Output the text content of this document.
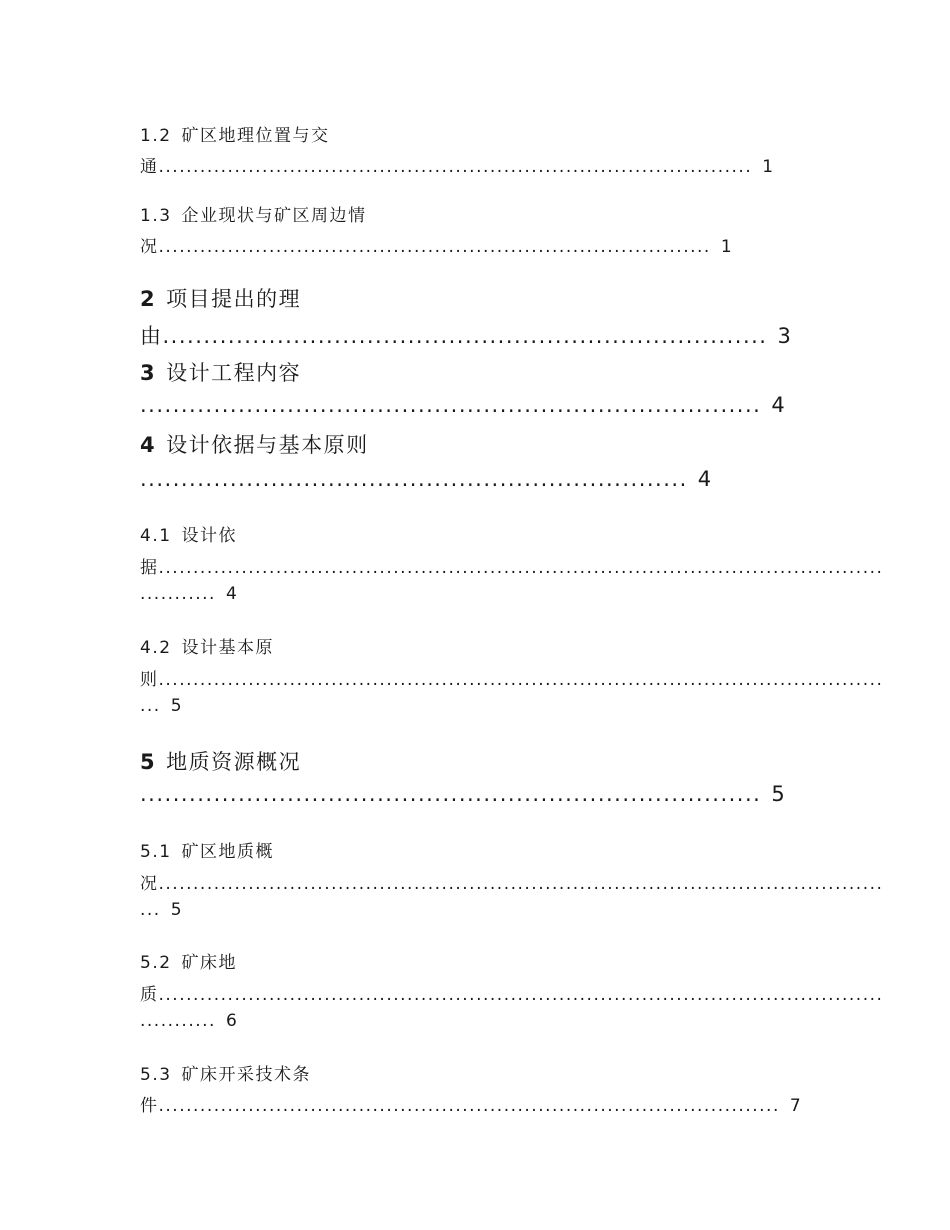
1.2 矿区地理位置与交
通...................................................................................... 1
1.3 企业现状与矿区周边情
况................................................................................ 1
2 项目提出的理
由.......................................................................... 3
3 设计工程内容
............................................................................ 4
4 设计依据与基本原则
................................................................... 4
4.1 设计依
据.........................................................................................................
........... 4
4.2 设计基本原
则.........................................................................................................
... 5
5 地质资源概况
............................................................................ 5
5.1 矿区地质概
况.........................................................................................................
... 5
5.2 矿床地
质.........................................................................................................
........... 6
5.3 矿床开采技术条
件.......................................................................................... 7
